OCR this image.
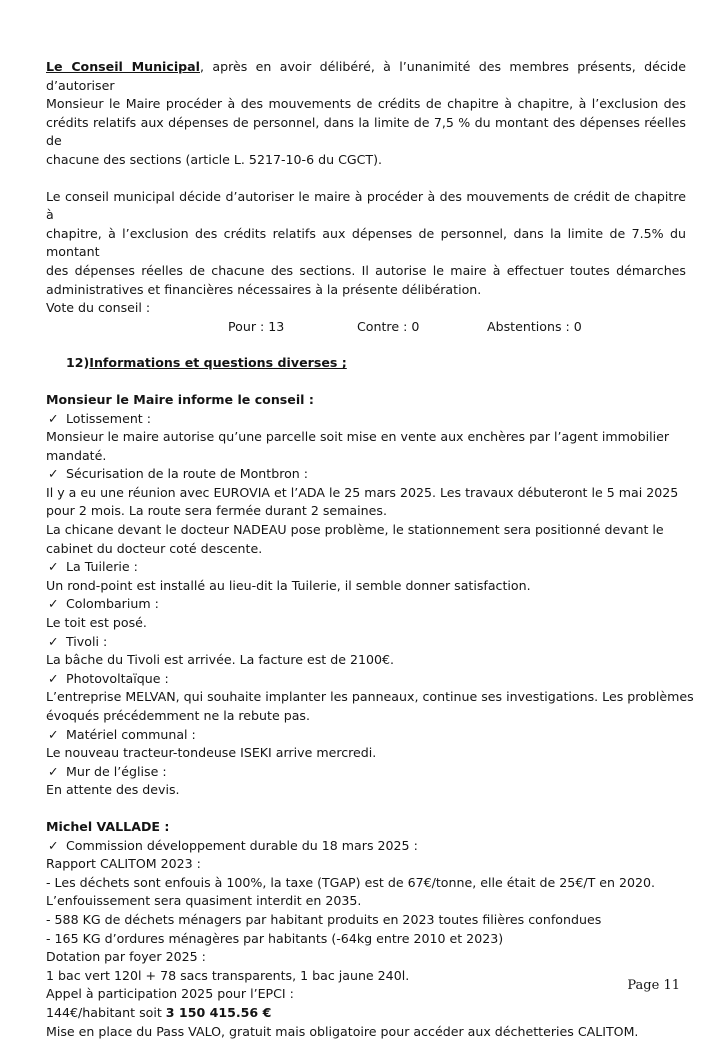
Le Conseil Municipal, après en avoir délibéré, à l’unanimité des membres présents, décide d’autoriser
Monsieur le Maire procéder à des mouvements de crédits de chapitre à chapitre, à l’exclusion des
crédits relatifs aux dépenses de personnel, dans la limite de 7,5 % du montant des dépenses réelles de
chacune des sections (article L. 5217-10-6 du CGCT).
Le conseil municipal décide d’autoriser le maire à procéder à des mouvements de crédit de chapitre à
chapitre, à l’exclusion des crédits relatifs aux dépenses de personnel, dans la limite de 7.5% du montant
des dépenses réelles de chacune des sections. Il autorise le maire à effectuer toutes démarches
administratives et financières nécessaires à la présente délibération.
Vote du conseil :
Pour : 13	Contre : 0	Abstentions : 0
12)Informations et questions diverses ;
Monsieur le Maire informe le conseil :
✓ Lotissement :
Monsieur le maire autorise qu’une parcelle soit mise en vente aux enchères par l’agent immobilier
mandaté.
✓ Sécurisation de la route de Montbron :
Il y a eu une réunion avec EUROVIA et l’ADA le 25 mars 2025. Les travaux débuteront le 5 mai 2025
pour 2 mois. La route sera fermée durant 2 semaines.
La chicane devant le docteur NADEAU pose problème, le stationnement sera positionné devant le
cabinet du docteur coté descente.
✓ La Tuilerie :
Un rond-point est installé au lieu-dit la Tuilerie, il semble donner satisfaction.
✓ Colombarium :
Le toit est posé.
✓ Tivoli :
La bâche du Tivoli est arrivée. La facture est de 2100€.
✓ Photovoltaïque :
L’entreprise MELVAN, qui souhaite implanter les panneaux, continue ses investigations. Les problèmes
évoqués précédemment ne la rebute pas.
✓ Matériel communal :
Le nouveau tracteur-tondeuse ISEKI arrive mercredi.
✓ Mur de l’église :
En attente des devis.
Michel VALLADE :
✓ Commission développement durable du 18 mars 2025 :
Rapport CALITOM 2023 :
- Les déchets sont enfouis à 100%, la taxe (TGAP) est de 67€/tonne, elle était de 25€/T en 2020.
L’enfouissement sera quasiment interdit en 2035.
- 588 KG de déchets ménagers par habitant produits en 2023 toutes filières confondues
- 165 KG d’ordures ménagères par habitants (-64kg entre 2010 et 2023)
Dotation par foyer 2025 :
1 bac vert 120l + 78 sacs transparents, 1 bac jaune 240l.
Appel à participation 2025 pour l’EPCI :
144€/habitant soit 3 150 415.56 €
Mise en place du Pass VALO, gratuit mais obligatoire pour accéder aux déchetteries CALITOM.
Page 11
